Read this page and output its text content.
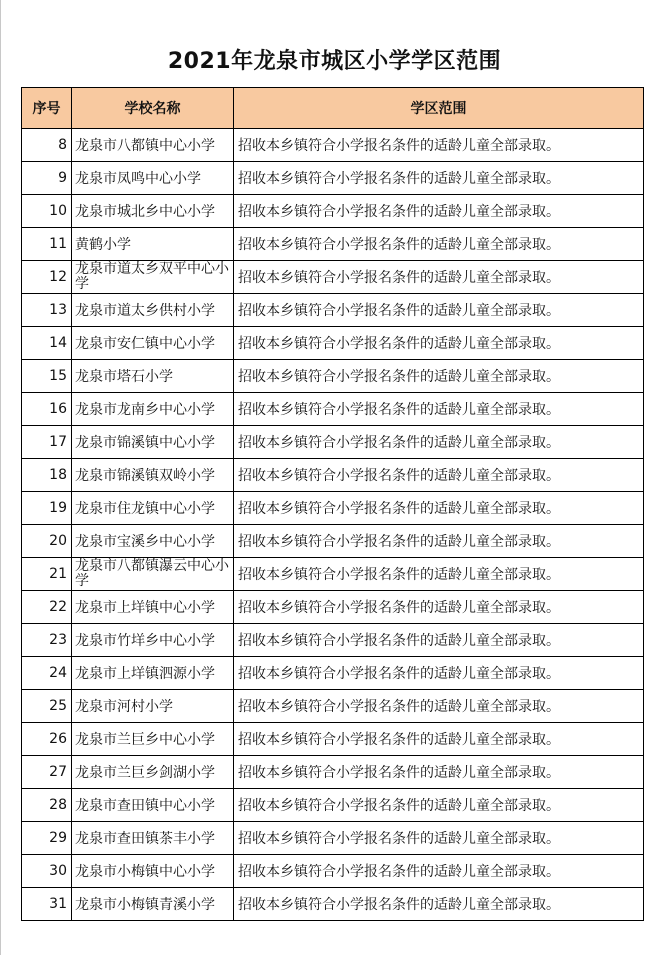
2021年龙泉市城区小学学区范围
序号	学校名称	学区范围
8	龙泉市八都镇中心小学	招收本乡镇符合小学报名条件的适龄儿童全部录取。
9	龙泉市凤鸣中心小学	招收本乡镇符合小学报名条件的适龄儿童全部录取。
10	龙泉市城北乡中心小学	招收本乡镇符合小学报名条件的适龄儿童全部录取。
11	黄鹤小学	招收本乡镇符合小学报名条件的适龄儿童全部录取。
12	龙泉市道太乡双平中心小学	招收本乡镇符合小学报名条件的适龄儿童全部录取。
13	龙泉市道太乡供村小学	招收本乡镇符合小学报名条件的适龄儿童全部录取。
14	龙泉市安仁镇中心小学	招收本乡镇符合小学报名条件的适龄儿童全部录取。
15	龙泉市塔石小学	招收本乡镇符合小学报名条件的适龄儿童全部录取。
16	龙泉市龙南乡中心小学	招收本乡镇符合小学报名条件的适龄儿童全部录取。
17	龙泉市锦溪镇中心小学	招收本乡镇符合小学报名条件的适龄儿童全部录取。
18	龙泉市锦溪镇双岭小学	招收本乡镇符合小学报名条件的适龄儿童全部录取。
19	龙泉市住龙镇中心小学	招收本乡镇符合小学报名条件的适龄儿童全部录取。
20	龙泉市宝溪乡中心小学	招收本乡镇符合小学报名条件的适龄儿童全部录取。
21	龙泉市八都镇瀑云中心小学	招收本乡镇符合小学报名条件的适龄儿童全部录取。
22	龙泉市上垟镇中心小学	招收本乡镇符合小学报名条件的适龄儿童全部录取。
23	龙泉市竹垟乡中心小学	招收本乡镇符合小学报名条件的适龄儿童全部录取。
24	龙泉市上垟镇泗源小学	招收本乡镇符合小学报名条件的适龄儿童全部录取。
25	龙泉市河村小学	招收本乡镇符合小学报名条件的适龄儿童全部录取。
26	龙泉市兰巨乡中心小学	招收本乡镇符合小学报名条件的适龄儿童全部录取。
27	龙泉市兰巨乡剑湖小学	招收本乡镇符合小学报名条件的适龄儿童全部录取。
28	龙泉市查田镇中心小学	招收本乡镇符合小学报名条件的适龄儿童全部录取。
29	龙泉市查田镇茶丰小学	招收本乡镇符合小学报名条件的适龄儿童全部录取。
30	龙泉市小梅镇中心小学	招收本乡镇符合小学报名条件的适龄儿童全部录取。
31	龙泉市小梅镇青溪小学	招收本乡镇符合小学报名条件的适龄儿童全部录取。
